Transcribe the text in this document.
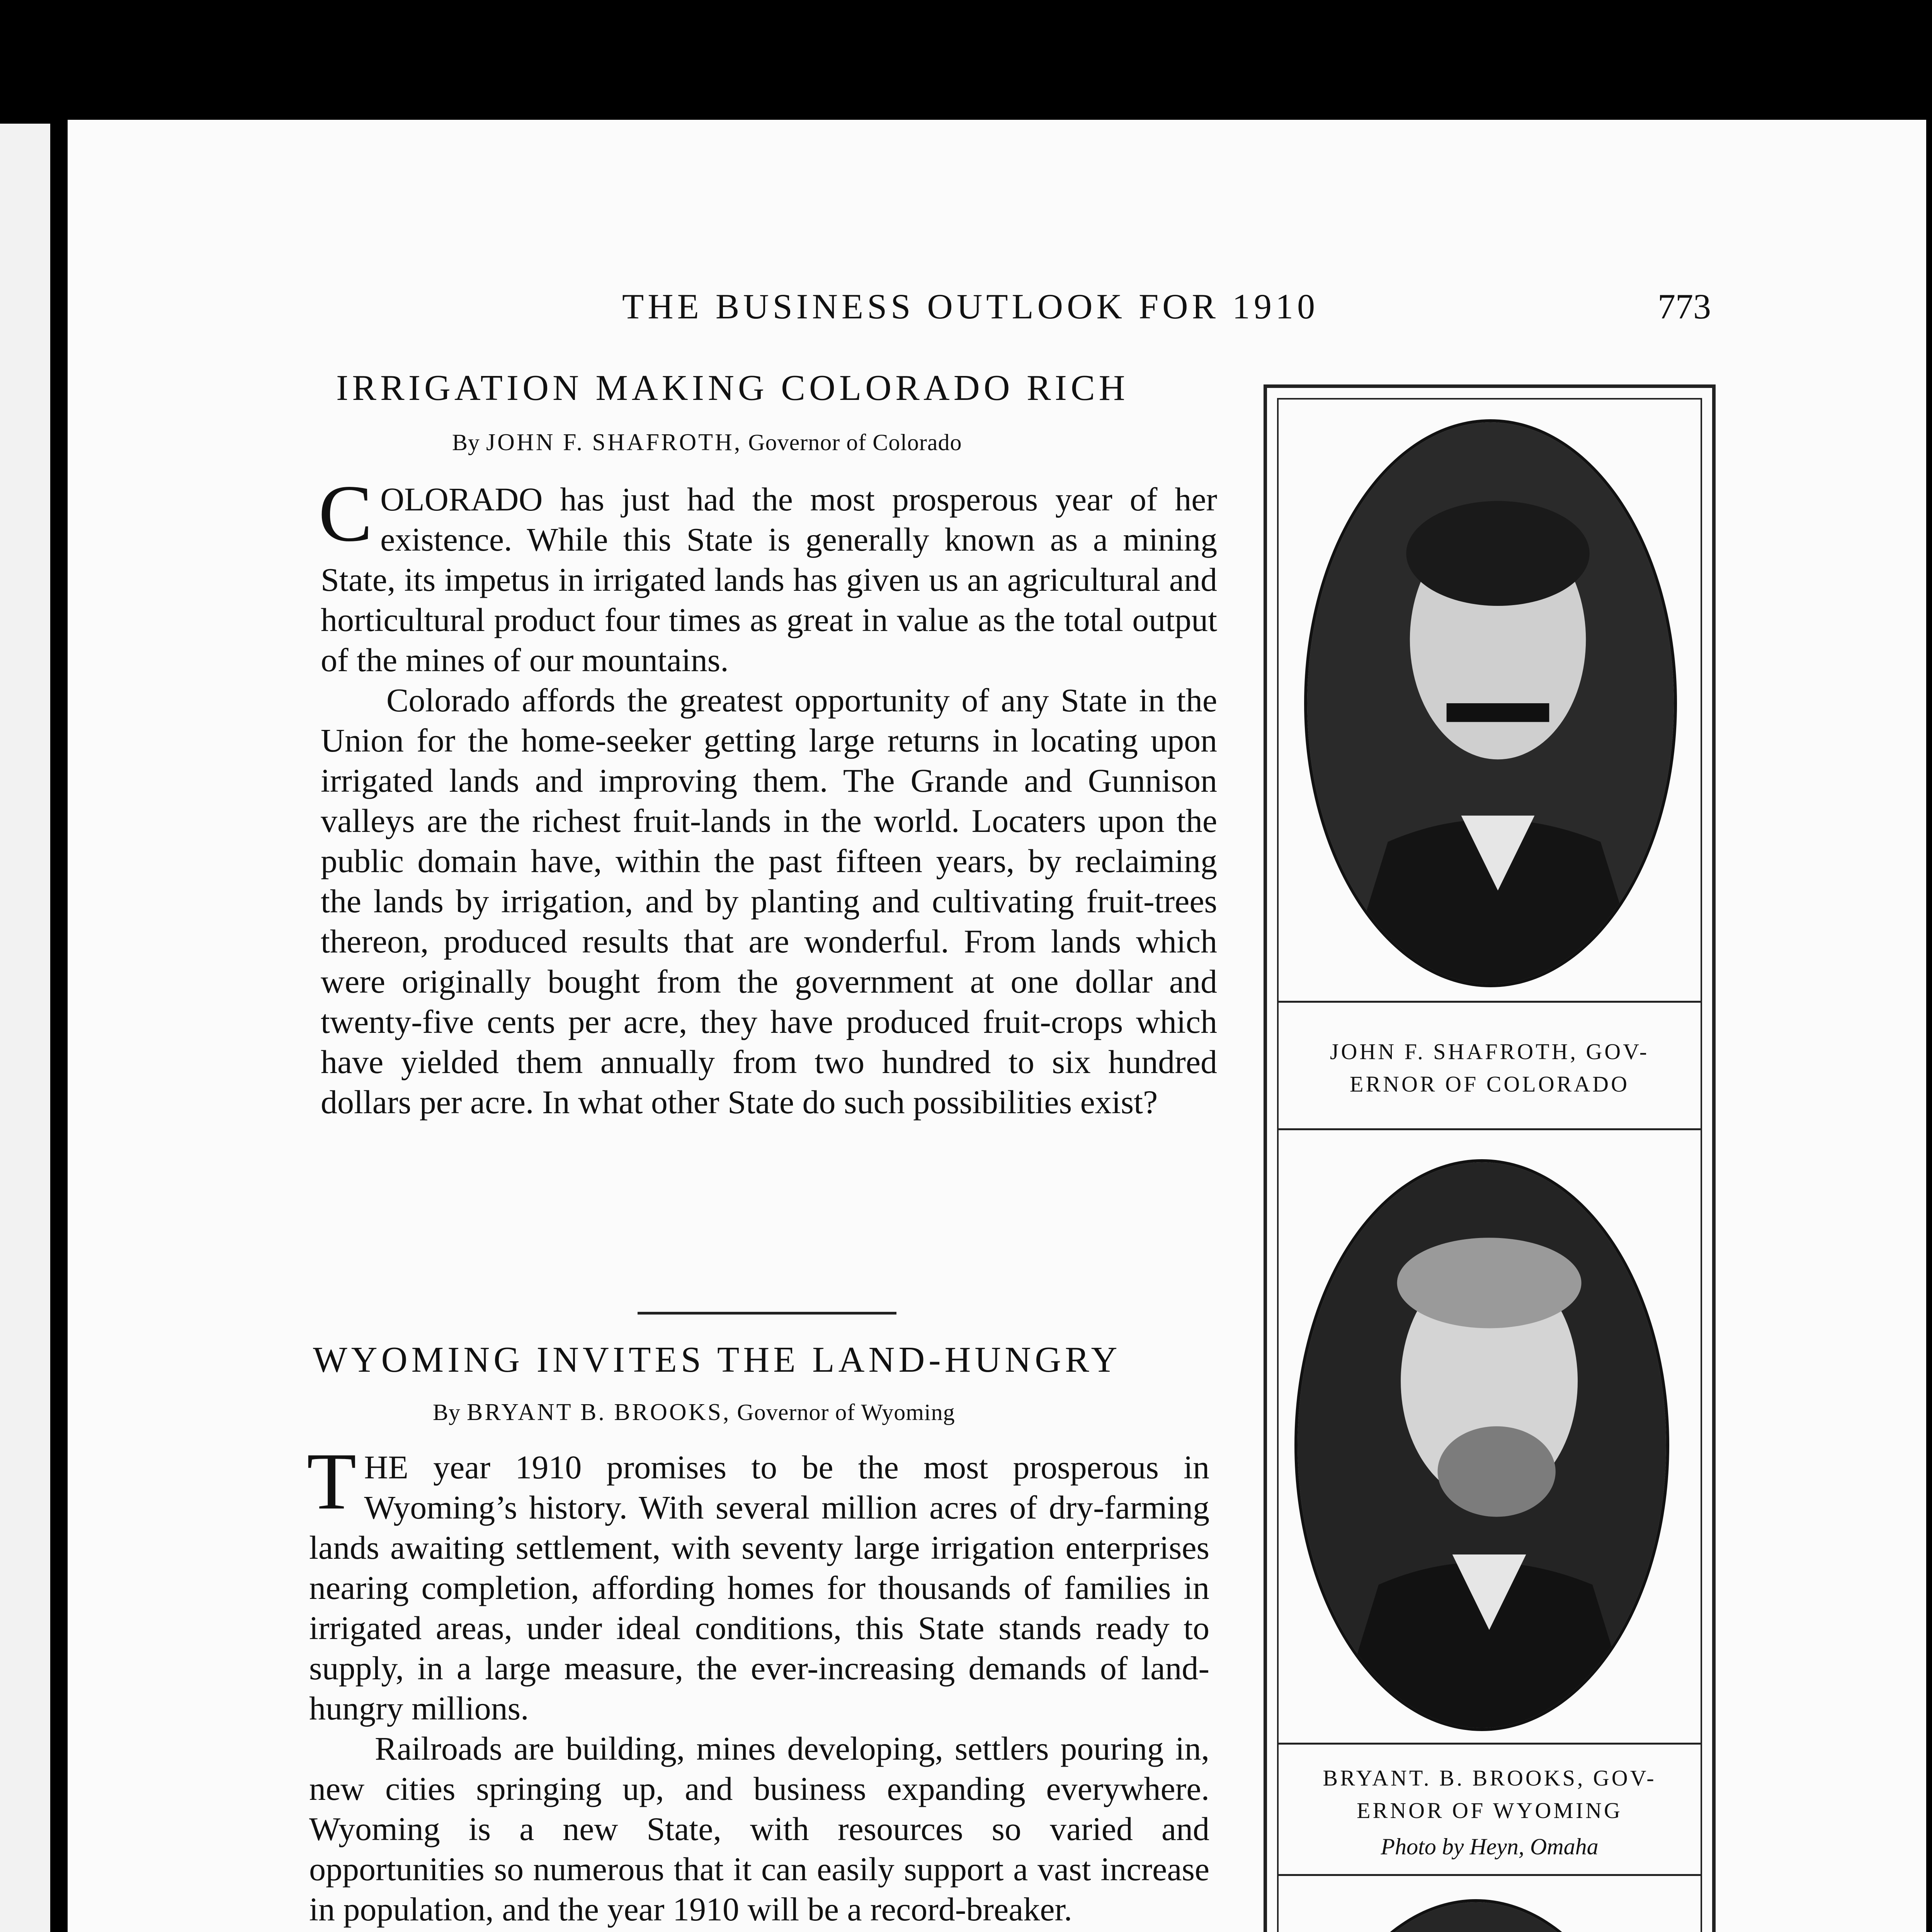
THE BUSINESS OUTLOOK FOR 1910	773
IRRIGATION MAKING COLORADO RICH
By JOHN F. SHAFROTH, Governor of Colorado

COLORADO has just had the most prosperous year of her existence. While this State is generally known as a mining State, its impetus in irrigated lands has given us an agricultural and horticultural product four times as great in value as the total output of the mines of our mountains.

Colorado affords the greatest opportunity of any State in the Union for the home-seeker getting large returns in locating upon irrigated lands and improving them. The Grande and Gunnison valleys are the richest fruit-lands in the world. Locaters upon the public domain have, within the past fifteen years, by reclaiming the lands by irrigation, and by planting and cultivating fruit-trees thereon, produced results that are wonderful. From lands which were originally bought from the government at one dollar and twenty-five cents per acre, they have produced fruit-crops which have yielded them annually from two hundred to six hundred dollars per acre. In what other State do such possibilities exist?

WYOMING INVITES THE LAND-HUNGRY
By BRYANT B. BROOKS, Governor of Wyoming

THE year 1910 promises to be the most prosperous in Wyoming’s history. With several million acres of dry-farming lands awaiting settlement, with seventy large irrigation enterprises nearing completion, affording homes for thousands of families in irrigated areas, under ideal conditions, this State stands ready to supply, in a large measure, the ever-increasing demands of land-hungry millions.

Railroads are building, mines developing, settlers pouring in, new cities springing up, and business expanding everywhere. Wyoming is a new State, with resources so varied and opportunities so numerous that it can easily support a vast increase in population, and the year 1910 will be a record-breaker.

JOHN F. SHAFROTH, GOV-
ERNOR OF COLORADO
BRYANT. B. BROOKS, GOV-
ERNOR OF WYOMING
Photo by Heyn, Omaha
